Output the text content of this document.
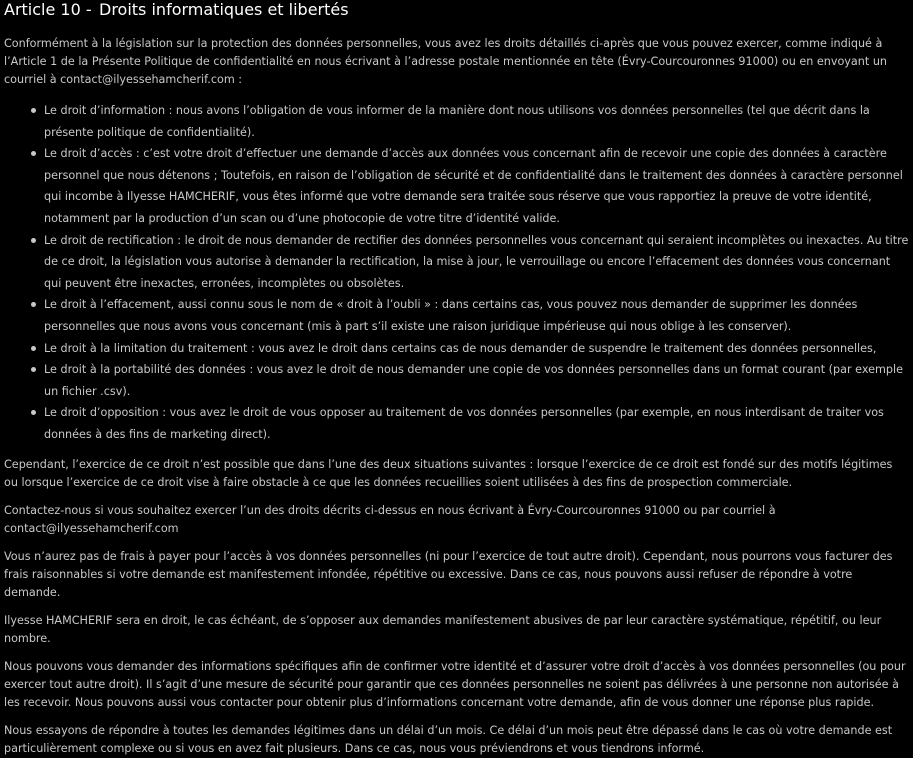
Article 10 - Droits informatiques et libertés

Conformément à la législation sur la protection des données personnelles, vous avez les droits détaillés ci-après que vous pouvez exercer, comme indiqué à l’Article 1 de la Présente Politique de confidentialité en nous écrivant à l’adresse postale mentionnée en tête (Évry-Courcouronnes 91000) ou en envoyant un courriel à contact@ilyessehamcherif.com :

Le droit d’information : nous avons l’obligation de vous informer de la manière dont nous utilisons vos données personnelles (tel que décrit dans la présente politique de confidentialité).
Le droit d’accès : c’est votre droit d’effectuer une demande d’accès aux données vous concernant afin de recevoir une copie des données à caractère personnel que nous détenons ; Toutefois, en raison de l’obligation de sécurité et de confidentialité dans le traitement des données à caractère personnel qui incombe à Ilyesse HAMCHERIF, vous êtes informé que votre demande sera traitée sous réserve que vous rapportiez la preuve de votre identité, notamment par la production d’un scan ou d’une photocopie de votre titre d’identité valide.
Le droit de rectification : le droit de nous demander de rectifier des données personnelles vous concernant qui seraient incomplètes ou inexactes. Au titre de ce droit, la législation vous autorise à demander la rectification, la mise à jour, le verrouillage ou encore l’effacement des données vous concernant qui peuvent être inexactes, erronées, incomplètes ou obsolètes.
Le droit à l’effacement, aussi connu sous le nom de « droit à l’oubli » : dans certains cas, vous pouvez nous demander de supprimer les données personnelles que nous avons vous concernant (mis à part s’il existe une raison juridique impérieuse qui nous oblige à les conserver).
Le droit à la limitation du traitement : vous avez le droit dans certains cas de nous demander de suspendre le traitement des données personnelles,
Le droit à la portabilité des données : vous avez le droit de nous demander une copie de vos données personnelles dans un format courant (par exemple un fichier .csv).
Le droit d’opposition : vous avez le droit de vous opposer au traitement de vos données personnelles (par exemple, en nous interdisant de traiter vos données à des fins de marketing direct).

Cependant, l’exercice de ce droit n’est possible que dans l’une des deux situations suivantes : lorsque l’exercice de ce droit est fondé sur des motifs légitimes ou lorsque l’exercice de ce droit vise à faire obstacle à ce que les données recueillies soient utilisées à des fins de prospection commerciale.

Contactez-nous si vous souhaitez exercer l’un des droits décrits ci-dessus en nous écrivant à Évry-Courcouronnes 91000 ou par courriel à
contact@ilyessehamcherif.com

Vous n’aurez pas de frais à payer pour l’accès à vos données personnelles (ni pour l’exercice de tout autre droit). Cependant, nous pourrons vous facturer des frais raisonnables si votre demande est manifestement infondée, répétitive ou excessive. Dans ce cas, nous pouvons aussi refuser de répondre à votre demande.

Ilyesse HAMCHERIF sera en droit, le cas échéant, de s’opposer aux demandes manifestement abusives de par leur caractère systématique, répétitif, ou leur nombre.

Nous pouvons vous demander des informations spécifiques afin de confirmer votre identité et d’assurer votre droit d’accès à vos données personnelles (ou pour exercer tout autre droit). Il s’agit d’une mesure de sécurité pour garantir que ces données personnelles ne soient pas délivrées à une personne non autorisée à les recevoir. Nous pouvons aussi vous contacter pour obtenir plus d’informations concernant votre demande, afin de vous donner une réponse plus rapide.

Nous essayons de répondre à toutes les demandes légitimes dans un délai d’un mois. Ce délai d’un mois peut être dépassé dans le cas où votre demande est particulièrement complexe ou si vous en avez fait plusieurs. Dans ce cas, nous vous préviendrons et vous tiendrons informé.
